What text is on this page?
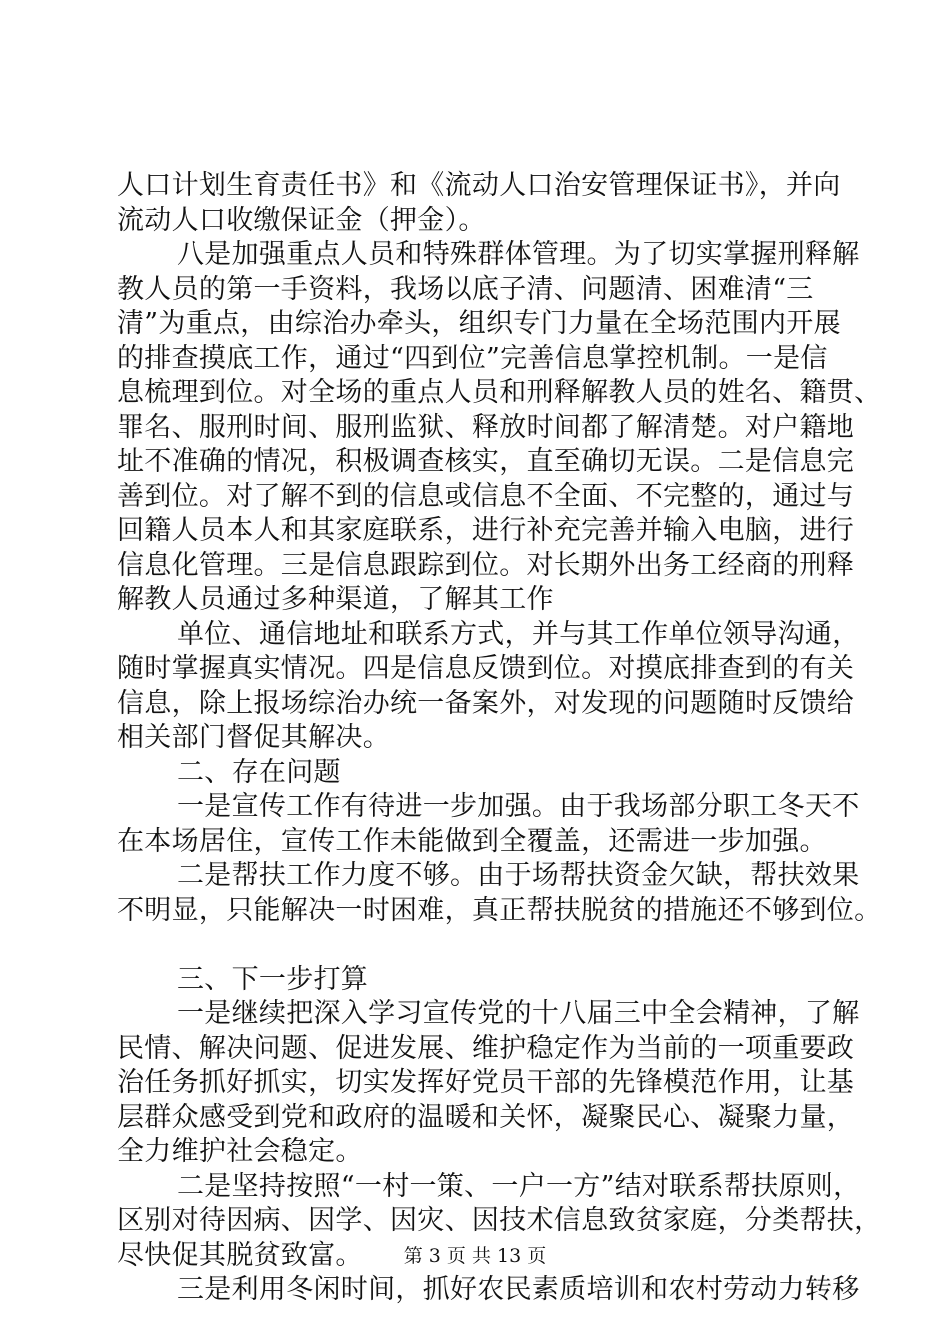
人口计划生育责任书》和《流动人口治安管理保证书》，并向
流动人口收缴保证金（押金）。
八是加强重点人员和特殊群体管理。为了切实掌握刑释解
教人员的第一手资料，我场以底子清、问题清、困难清“三
清”为重点，由综治办牵头，组织专门力量在全场范围内开展
的排查摸底工作，通过“四到位”完善信息掌控机制。一是信
息梳理到位。对全场的重点人员和刑释解教人员的姓名、籍贯、
罪名、服刑时间、服刑监狱、释放时间都了解清楚。对户籍地
址不准确的情况，积极调查核实，直至确切无误。二是信息完
善到位。对了解不到的信息或信息不全面、不完整的，通过与
回籍人员本人和其家庭联系，进行补充完善并输入电脑，进行
信息化管理。三是信息跟踪到位。对长期外出务工经商的刑释
解教人员通过多种渠道，了解其工作
单位、通信地址和联系方式，并与其工作单位领导沟通，
随时掌握真实情况。四是信息反馈到位。对摸底排查到的有关
信息，除上报场综治办统一备案外，对发现的问题随时反馈给
相关部门督促其解决。
二、存在问题
一是宣传工作有待进一步加强。由于我场部分职工冬天不
在本场居住，宣传工作未能做到全覆盖，还需进一步加强。
二是帮扶工作力度不够。由于场帮扶资金欠缺，帮扶效果
不明显，只能解决一时困难，真正帮扶脱贫的措施还不够到位。
三、下一步打算
一是继续把深入学习宣传党的十八届三中全会精神，了解
民情、解决问题、促进发展、维护稳定作为当前的一项重要政
治任务抓好抓实，切实发挥好党员干部的先锋模范作用，让基
层群众感受到党和政府的温暖和关怀，凝聚民心、凝聚力量，
全力维护社会稳定。
二是坚持按照“一村一策、一户一方”结对联系帮扶原则，
区别对待因病、因学、因灾、因技术信息致贫家庭，分类帮扶，
尽快促其脱贫致富。
三是利用冬闲时间，抓好农民素质培训和农村劳动力转移
第 3 页 共 13 页
